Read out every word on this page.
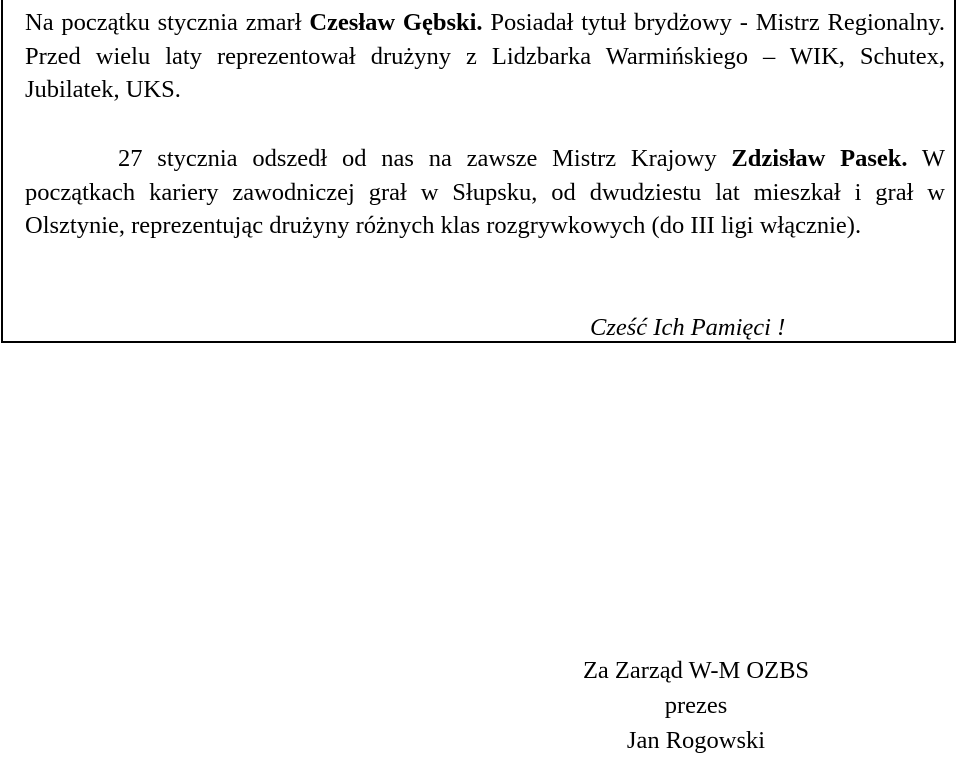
Na początku stycznia zmarł Czesław Gębski. Posiadał tytuł brydżowy - Mistrz Regionalny. Przed wielu laty reprezentował drużyny z Lidzbarka Warmińskiego – WIK, Schutex, Jubilatek, UKS.

27 stycznia odszedł od nas na zawsze Mistrz Krajowy Zdzisław Pasek. W początkach kariery zawodniczej grał w Słupsku, od dwudziestu lat mieszkał i grał w Olsztynie, reprezentując drużyny różnych klas rozgrywkowych (do III ligi włącznie).

Cześć Ich Pamięci !

Za Zarząd W-M OZBS
prezes
Jan Rogowski
